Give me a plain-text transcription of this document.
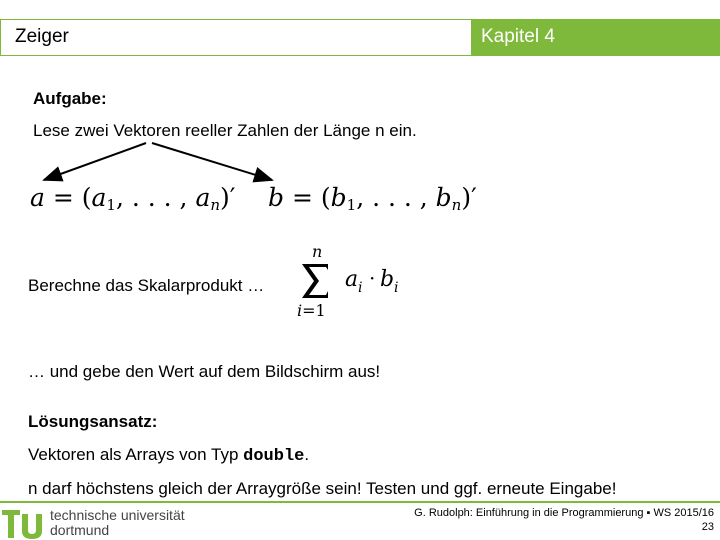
Zeiger	Kapitel 4
Aufgabe:
Lese zwei Vektoren reeller Zahlen der Länge n ein.
$a = (a_1$, . . . , $a_n)'$ $b = (b_1$, . . . , $b_n)'$
Berechne das Skalarprodukt …
n
i=1
a i · b i
… und gebe den Wert auf dem Bildschirm aus!
Lösungsansatz:
Vektoren als Arrays von Typ double.
n darf höchstens gleich der Arraygröße sein! Testen und ggf. erneute Eingabe!
technische universität
dortmund
G. Rudolph: Einführung in die Programmierung ▪ WS 2015/16
23
